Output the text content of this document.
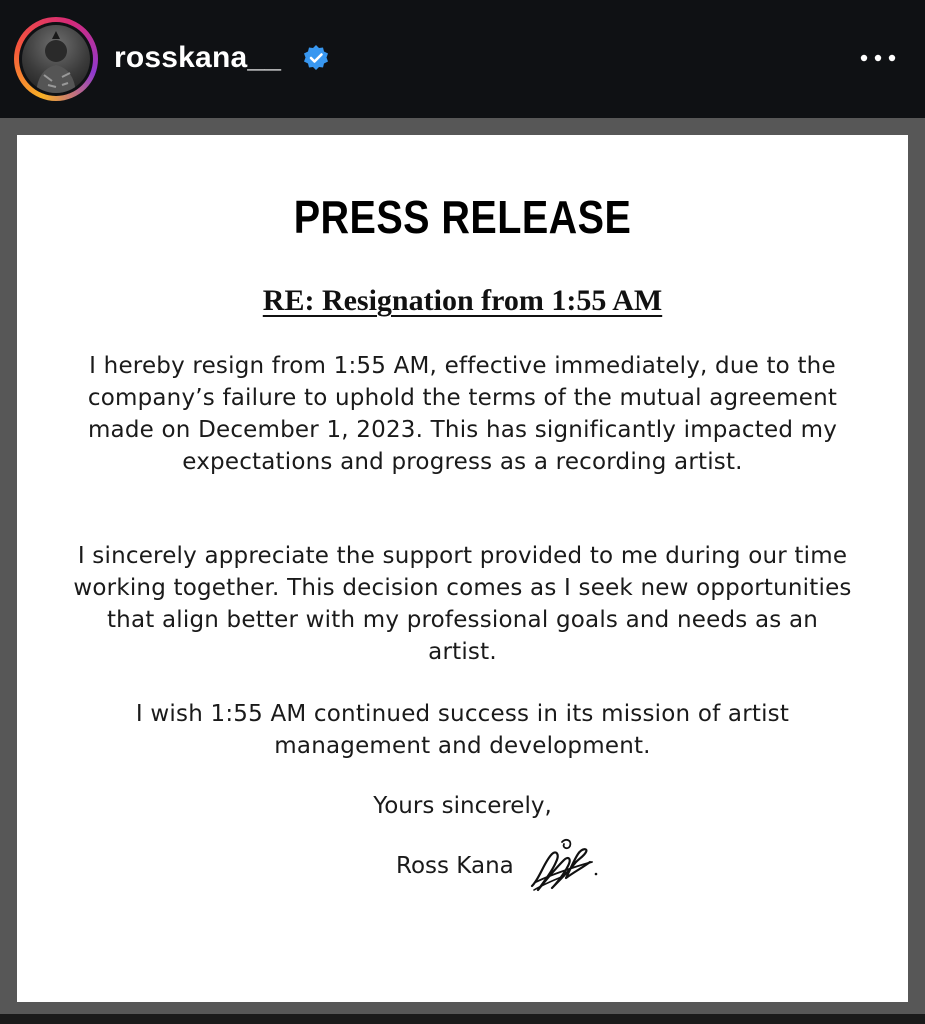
rosskana__
PRESS RELEASE
RE: Resignation from 1:55 AM
I hereby resign from 1:55 AM, effective immediately, due to the company’s failure to uphold the terms of the mutual agreement made on December 1, 2023. This has significantly impacted my expectations and progress as a recording artist.
I sincerely appreciate the support provided to me during our time working together. This decision comes as I seek new opportunities that align better with my professional goals and needs as an artist.
I wish 1:55 AM continued success in its mission of artist management and development.
Yours sincerely,
Ross Kana
